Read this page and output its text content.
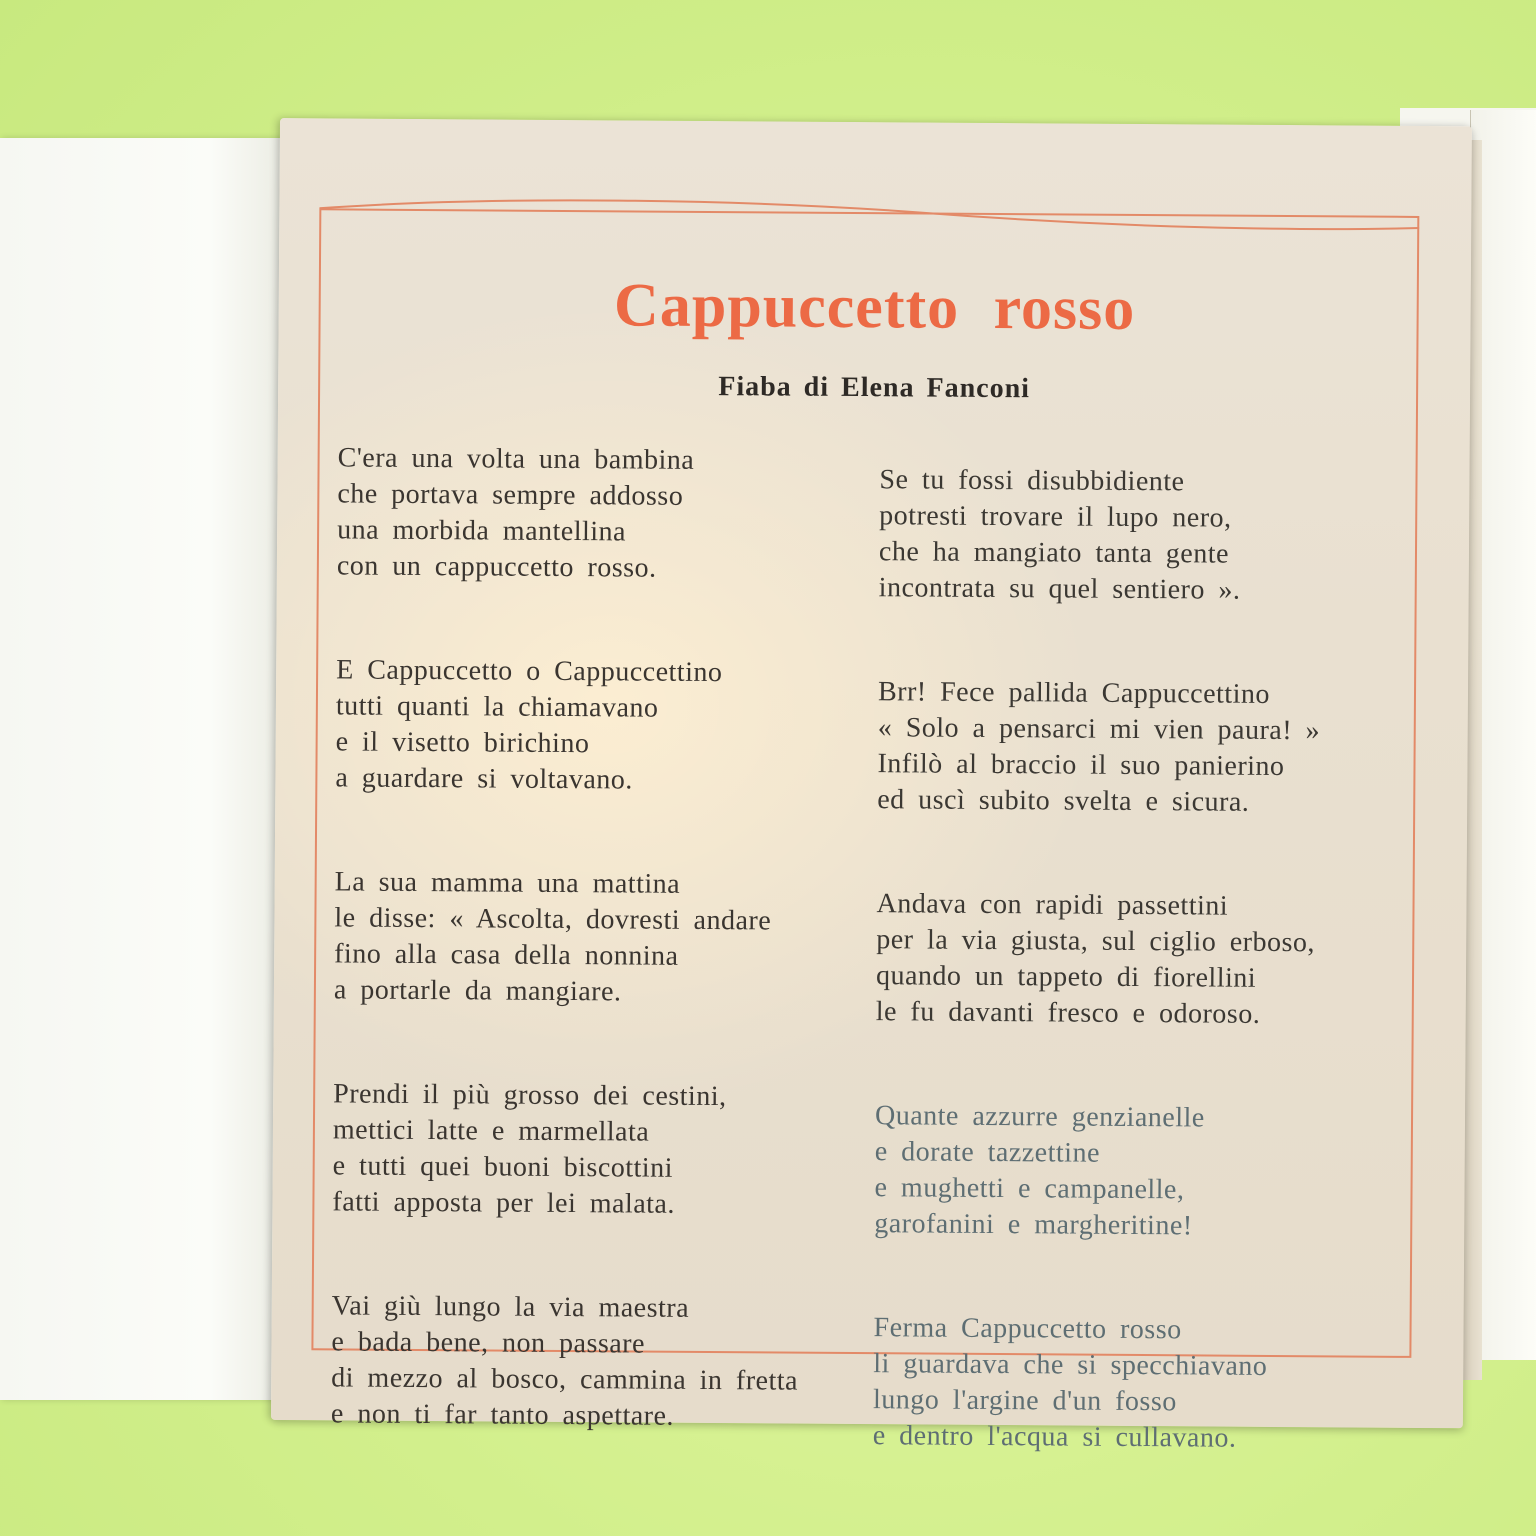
Cappuccetto rosso
Fiaba di Elena Fanconi
C'era una volta una bambina
che portava sempre addosso
una morbida mantellina
con un cappuccetto rosso.
E Cappuccetto o Cappuccettino
tutti quanti la chiamavano
e il visetto birichino
a guardare si voltavano.
La sua mamma una mattina
le disse: « Ascolta, dovresti andare
fino alla casa della nonnina
a portarle da mangiare.
Prendi il più grosso dei cestini,
mettici latte e marmellata
e tutti quei buoni biscottini
fatti apposta per lei malata.
Vai giù lungo la via maestra
e bada bene, non passare
di mezzo al bosco, cammina in fretta
e non ti far tanto aspettare.
Se tu fossi disubbidiente
potresti trovare il lupo nero,
che ha mangiato tanta gente
incontrata su quel sentiero ».
Brr! Fece pallida Cappuccettino
« Solo a pensarci mi vien paura! »
Infilò al braccio il suo panierino
ed uscì subito svelta e sicura.
Andava con rapidi passettini
per la via giusta, sul ciglio erboso,
quando un tappeto di fiorellini
le fu davanti fresco e odoroso.
Quante azzurre genzianelle
e dorate tazzettine
e mughetti e campanelle,
garofanini e margheritine!
Ferma Cappuccetto rosso
li guardava che si specchiavano
lungo l'argine d'un fosso
e dentro l'acqua si cullavano.
